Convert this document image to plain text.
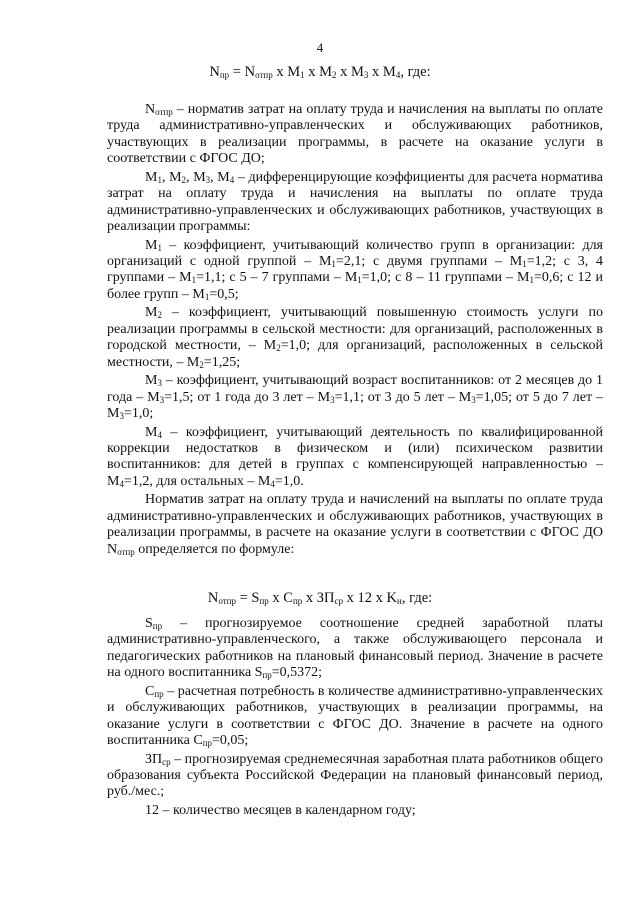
4
$N_{пр} = N_{отпр}$ x $M_1$ x $M_2$ x $M_3$ x $M_4$, где:

$N_{отпр}$ – норматив затрат на оплату труда и начисления на выплаты по оплате труда административно-управленческих и обслуживающих работников, участвующих в реализации программы, в расчете на оказание услуги в соответствии с ФГОС ДО;

$M_1$, $M_2$, $M_3$, $M_4$ – дифференцирующие коэффициенты для расчета норматива затрат на оплату труда и начисления на выплаты по оплате труда административно-управленческих и обслуживающих работников, участвующих в реализации программы:

$M_1$ – коэффициент, учитывающий количество групп в организации: для организаций с одной группой – $M_1=2,1$; с двумя группами – $M_1=1,2$; с 3, 4 группами – $M_1=1,1$; с 5 – 7 группами – $M_1=1,0$; с 8 – 11 группами – $M_1=0,6$; с 12 и более групп – $M_1=0,5$;

$M_2$ – коэффициент, учитывающий повышенную стоимость услуги по реализации программы в сельской местности: для организаций, расположенных в городской местности, – $M_2=1,0$; для организаций, расположенных в сельской местности, – $M_2=1,25$;

$M_3$ – коэффициент, учитывающий возраст воспитанников: от 2 месяцев до 1 года – $M_3=1,5$; от 1 года до 3 лет – $M_3=1,1$; от 3 до 5 лет – $M_3=1,05$; от 5 до 7 лет – $M_3=1,0$;

$M_4$ – коэффициент, учитывающий деятельность по квалифицированной коррекции недостатков в физическом и (или) психическом развитии воспитанников: для детей в группах с компенсирующей направленностью – $M_4=1,2$, для остальных – $M_4=1,0$.

Норматив затрат на оплату труда и начислений на выплаты по оплате труда административно-управленческих и обслуживающих работников, участвующих в реализации программы, в расчете на оказание услуги в соответствии с ФГОС ДО $N_{отпр}$ определяется по формуле:

$N_{отпр} = S_{пр}$ x $C_{пр}$ x $ЗП_{ср}$ x 12 x $K_н$, где:

$S_{пр}$ – прогнозируемое соотношение средней заработной платы административно-управленческого, а также обслуживающего персонала и педагогических работников на плановый финансовый период. Значение в расчете на одного воспитанника $S_{пр}=0,5372$;

$C_{пр}$ – расчетная потребность в количестве административно-управленческих и обслуживающих работников, участвующих в реализации программы, на оказание услуги в соответствии с ФГОС ДО. Значение в расчете на одного воспитанника $C_{пр}=0,05$;

$ЗП_{ср}$ – прогнозируемая среднемесячная заработная плата работников общего образования субъекта Российской Федерации на плановый финансовый период, руб./мес.;

12 – количество месяцев в календарном году;
